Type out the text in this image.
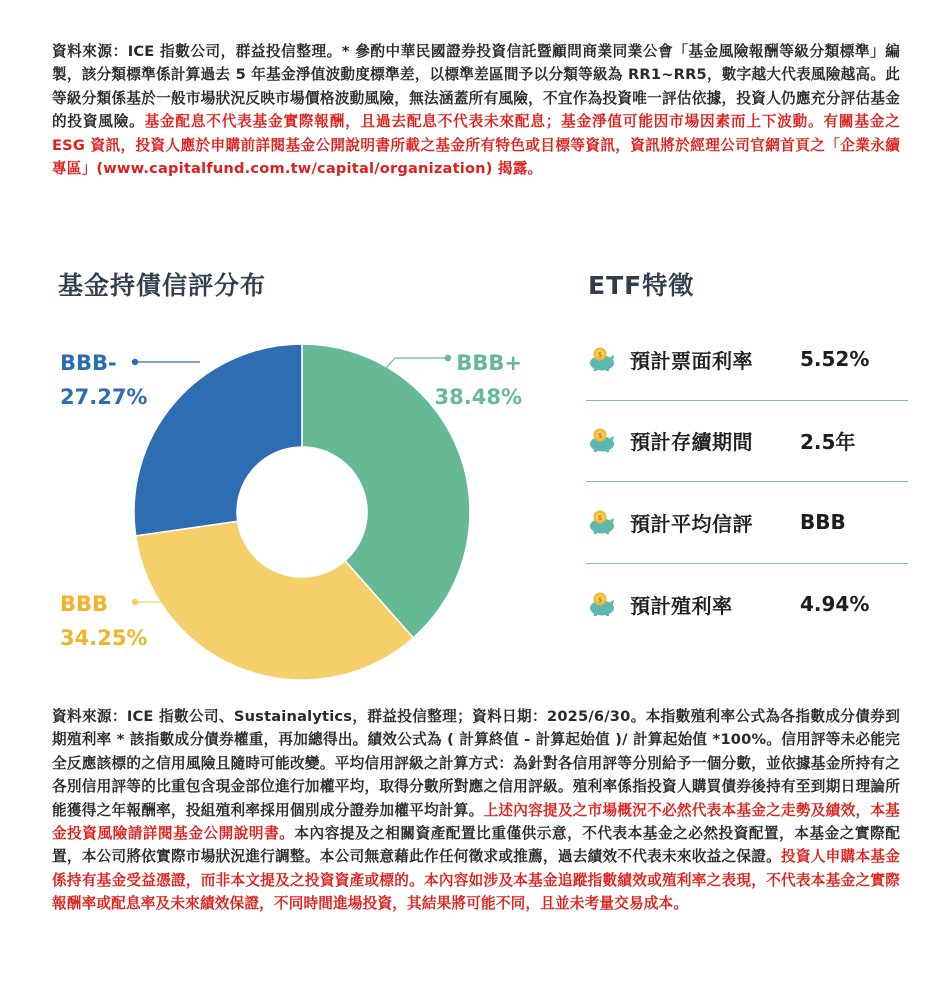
資料來源：ICE 指數公司，群益投信整理。* 參酌中華民國證券投資信託暨顧問商業同業公會「基金風險報酬等級分類標準」編製，該分類標準係計算過去 5 年基金淨值波動度標準差，以標準差區間予以分類等級為 RR1~RR5，數字越大代表風險越高。此等級分類係基於一般市場狀況反映市場價格波動風險，無法涵蓋所有風險，不宜作為投資唯一評估依據，投資人仍應充分評估基金的投資風險。基金配息不代表基金實際報酬，且過去配息不代表未來配息；基金淨值可能因市場因素而上下波動。有關基金之 ESG 資訊，投資人應於申購前詳閱基金公開說明書所載之基金所有特色或目標等資訊，資訊將於經理公司官網首頁之「企業永續專區」(www.capitalfund.com.tw/capital/organization) 揭露。
基金持債信評分布	ETF特徵
BBB+
38.48%
BBB
34.25%
BBB-
27.27%
$ 預計票面利率	5.52%
$ 預計存續期間	2.5年
$ 預計平均信評	BBB
$ 預計殖利率	4.94%
資料來源：ICE 指數公司、Sustainalytics，群益投信整理；資料日期：2025/6/30。本指數殖利率公式為各指數成分債券到期殖利率 * 該指數成分債券權重，再加總得出。績效公式為 ( 計算終值 - 計算起始值 )/ 計算起始值 *100%。信用評等未必能完全反應該標的之信用風險且隨時可能改變。平均信用評級之計算方式：為針對各信用評等分別給予一個分數，並依據基金所持有之各別信用評等的比重包含現金部位進行加權平均，取得分數所對應之信用評級。殖利率係指投資人購買債券後持有至到期日理論所能獲得之年報酬率，投組殖利率採用個別成分證券加權平均計算。上述內容提及之市場概況不必然代表本基金之走勢及績效，本基金投資風險請詳閱基金公開說明書。本內容提及之相關資產配置比重僅供示意，不代表本基金之必然投資配置，本基金之實際配置，本公司將依實際市場狀況進行調整。本公司無意藉此作任何徵求或推薦，過去績效不代表未來收益之保證。投資人申購本基金係持有基金受益憑證，而非本文提及之投資資產或標的。本內容如涉及本基金追蹤指數績效或殖利率之表現，不代表本基金之實際報酬率或配息率及未來績效保證，不同時間進場投資，其結果將可能不同，且並未考量交易成本。
